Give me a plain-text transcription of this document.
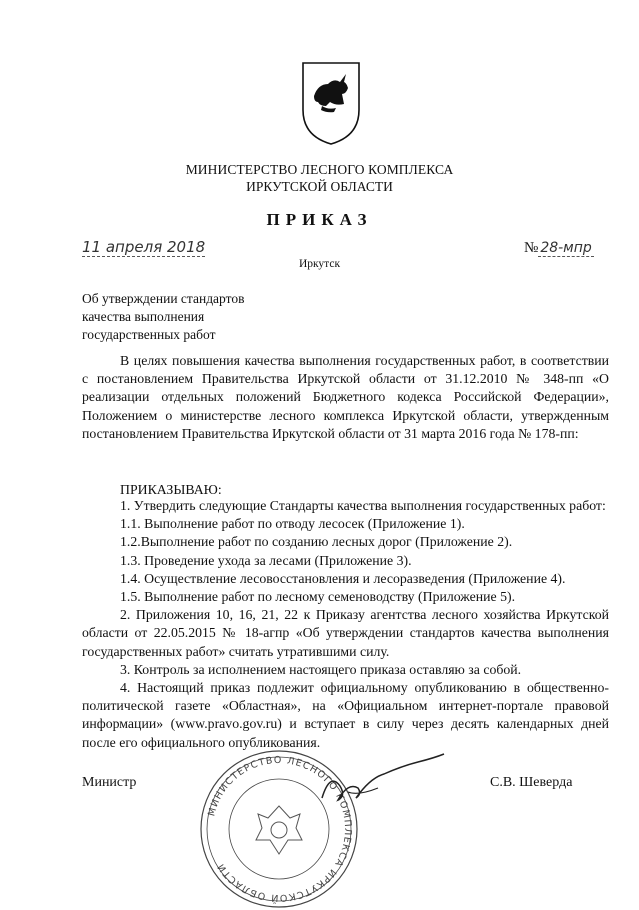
МИНИСТЕРСТВО ЛЕСНОГО КОМПЛЕКСА
ИРКУТСКОЙ ОБЛАСТИ
ПРИКАЗ
11 апреля 2018	№ 28-мпр
Иркутск
Об утверждении стандартов
качества выполнения
государственных работ
В целях повышения качества выполнения государственных работ, в соответствии с постановлением Правительства Иркутской области от 31.12.2010 № 348-пп «О реализации отдельных положений Бюджетного кодекса Российской Федерации», Положением о министерстве лесного комплекса Иркутской области, утвержденным постановлением Правительства Иркутской области от 31 марта 2016 года № 178-пп:
ПРИКАЗЫВАЮ:
1. Утвердить следующие Стандарты качества выполнения государственных работ:
1.1. Выполнение работ по отводу лесосек (Приложение 1).
1.2.Выполнение работ по созданию лесных дорог (Приложение 2).
1.3. Проведение ухода за лесами (Приложение 3).
1.4. Осуществление лесовосстановления и лесоразведения (Приложение 4).
1.5. Выполнение работ по лесному семеноводству (Приложение 5).
2. Приложения 10, 16, 21, 22 к Приказу агентства лесного хозяйства Иркутской области от 22.05.2015 № 18-агпр «Об утверждении стандартов качества выполнения государственных работ» считать утратившими силу.
3. Контроль за исполнением настоящего приказа оставляю за собой.
4. Настоящий приказ подлежит официальному опубликованию в общественно-политической газете «Областная», на «Официальном интернет-портале правовой информации» (www.pravo.gov.ru) и вступает в силу через десять календарных дней после его официального опубликования.
МИНИСТЕРСТВО ЛЕСНОГО КОМПЛЕКСА ИРКУТСКОЙ ОБЛАСТИ
Министр	С.В. Шеверда
